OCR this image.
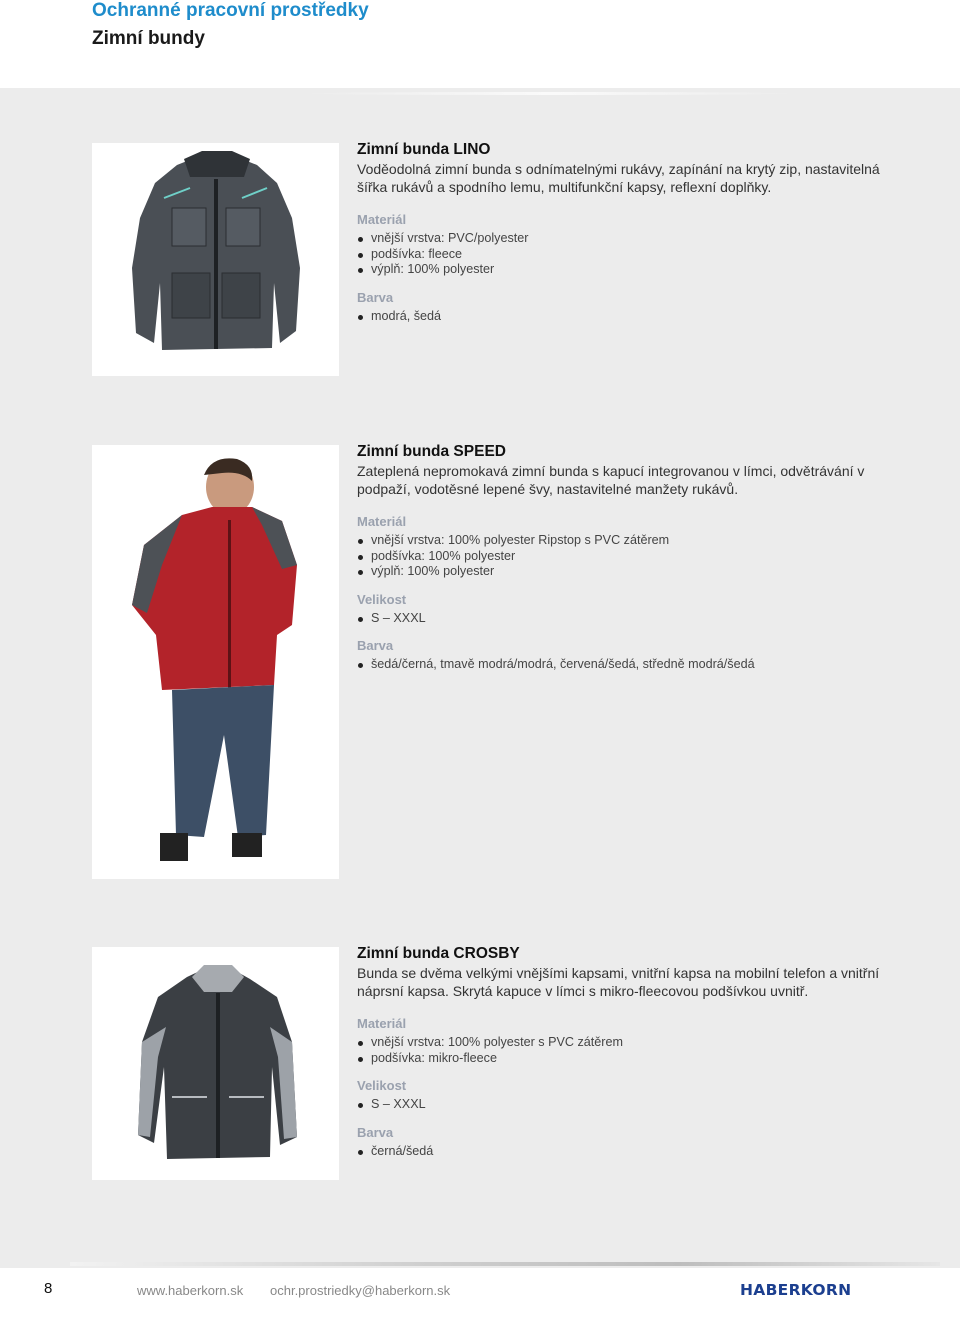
Ochranné pracovní prostředky
Zimní bundy
Zimní bunda LINO
Voděodolná zimní bunda s odnímatelnými rukávy, zapínání na krytý zip, nastavitelná šířka rukávů a spodního lemu, multifunkční kapsy, reflexní doplňky.
Materiál
vnější vrstva: PVC/polyester
podšívka: fleece
výplň: 100% polyester
Barva
modrá, šedá
Zimní bunda SPEED
Zateplená nepromokavá zimní bunda s kapucí integrovanou v límci, odvětrávání v podpaží, vodotěsné lepené švy, nastavitelné manžety rukávů.
Materiál
vnější vrstva: 100% polyester Ripstop s PVC zátěrem
podšívka: 100% polyester
výplň: 100% polyester
Velikost
S – XXXL
Barva
šedá/černá, tmavě modrá/modrá, červená/šedá, středně modrá/šedá
Zimní bunda CROSBY
Bunda se dvěma velkými vnějšími kapsami, vnitřní kapsa na mobilní telefon a vnitřní náprsní kapsa. Skrytá kapuce v límci s mikro-fleecovou podšívkou uvnitř.
Materiál
vnější vrstva: 100% polyester s PVC zátěrem
podšívka: mikro-fleece
Velikost
S – XXXL
Barva
černá/šedá
8	www.haberkorn.sk ochr.prostriedky@haberkorn.sk	HABERKORN
